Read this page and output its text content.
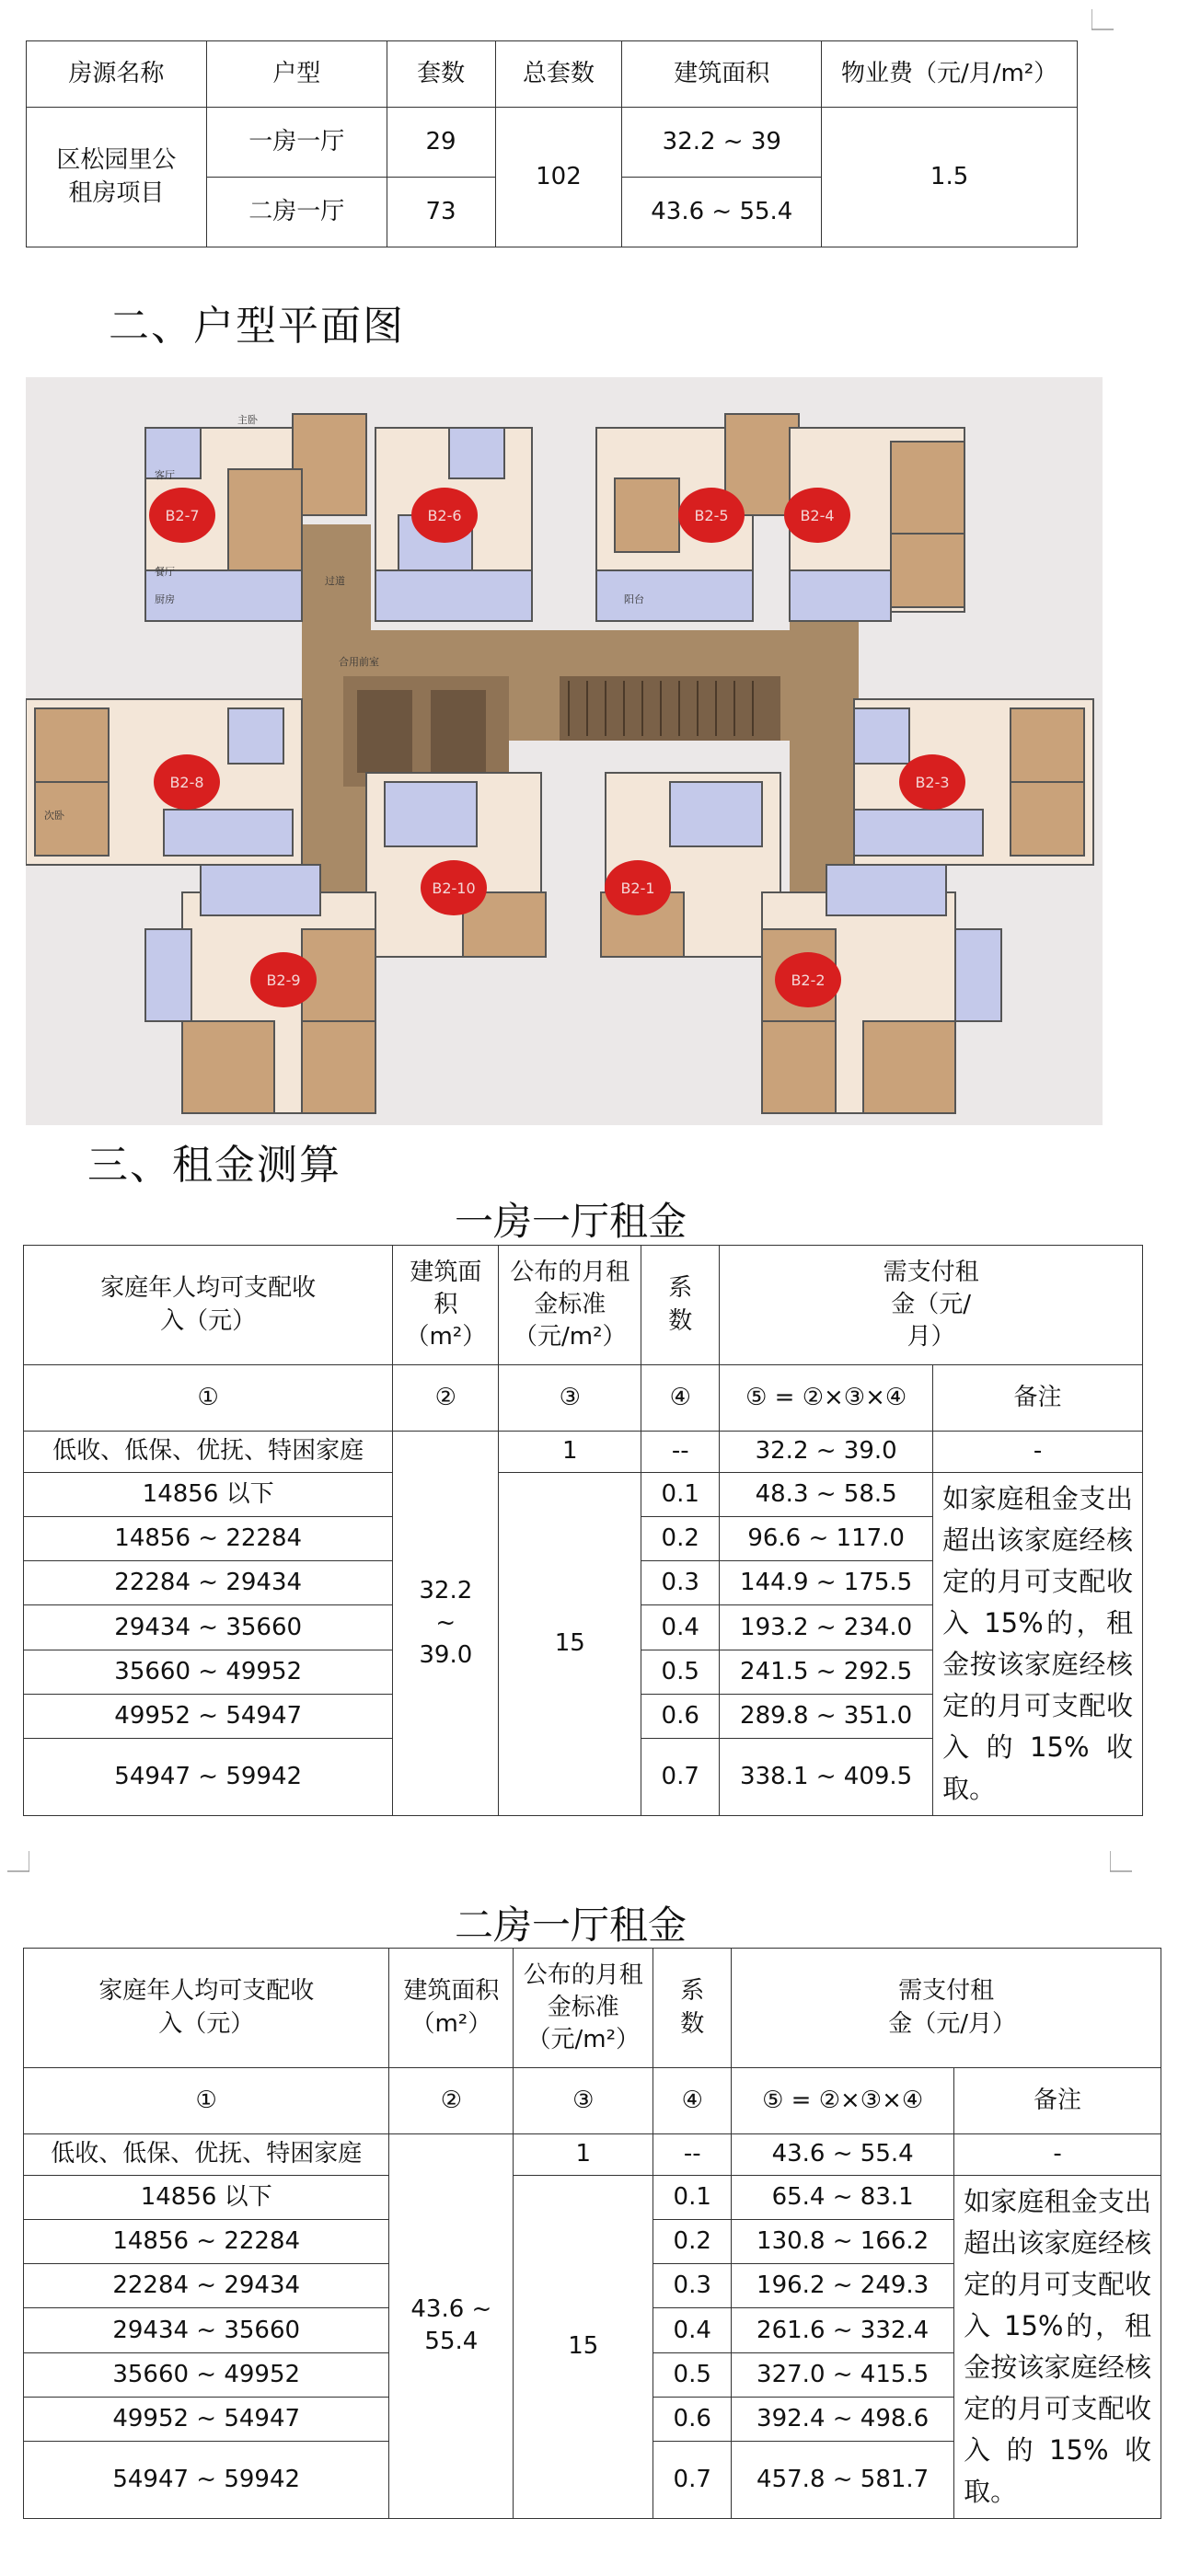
房源名称	户型	套数	总套数	建筑面积	物业费（元/月/m²）
区松园里公租房项目	一房一厅	29	102	32.2 ~ 39	1.5
	二房一厅	73		43.6 ~ 55.4	
二、户型平面图
客厅
主卧
厨房
餐厅
过道
次卧
合用前室
阳台
B2-7	B2-6	B2-5	B2-4
B2-8	B2-3
B2-10	B2-1
B2-9	B2-2
三、租金测算
一房一厅租金
家庭年人均可支配收入（元）	建筑面积（m²）	公布的月租金标准（元/m²）	系数	需支付租金（元/月）	
①	②	③	④	⑤ = ②×③×④	备注
低收、低保、优抚、特困家庭	32.2 ~ 39.0	1	--	32.2 ~ 39.0	-
14856 以下		15	0.1	48.3 ~ 58.5	如家庭租金支出超出该家庭经核定的月可支配收入 15%的，租金按该家庭经核定的月可支配收入的15%收取。
14856 ~ 22284			0.2	96.6 ~ 117.0	
22284 ~ 29434			0.3	144.9 ~ 175.5	
29434 ~ 35660			0.4	193.2 ~ 234.0	
35660 ~ 49952			0.5	241.5 ~ 292.5	
49952 ~ 54947			0.6	289.8 ~ 351.0	
54947 ~ 59942			0.7	338.1 ~ 409.5	
二房一厅租金
家庭年人均可支配收入（元）	建筑面积（m²）	公布的月租金标准（元/m²）	系数	需支付租金（元/月）	
①	②	③	④	⑤ = ②×③×④	备注
低收、低保、优抚、特困家庭	43.6 ~ 55.4	1	--	43.6 ~ 55.4	-
14856 以下		15	0.1	65.4 ~ 83.1	如家庭租金支出超出该家庭经核定的月可支配收入 15%的，租金按该家庭经核定的月可支配收入的15%收取。
14856 ~ 22284			0.2	130.8 ~ 166.2	
22284 ~ 29434			0.3	196.2 ~ 249.3	
29434 ~ 35660			0.4	261.6 ~ 332.4	
35660 ~ 49952			0.5	327.0 ~ 415.5	
49952 ~ 54947			0.6	392.4 ~ 498.6	
54947 ~ 59942			0.7	457.8 ~ 581.7	
